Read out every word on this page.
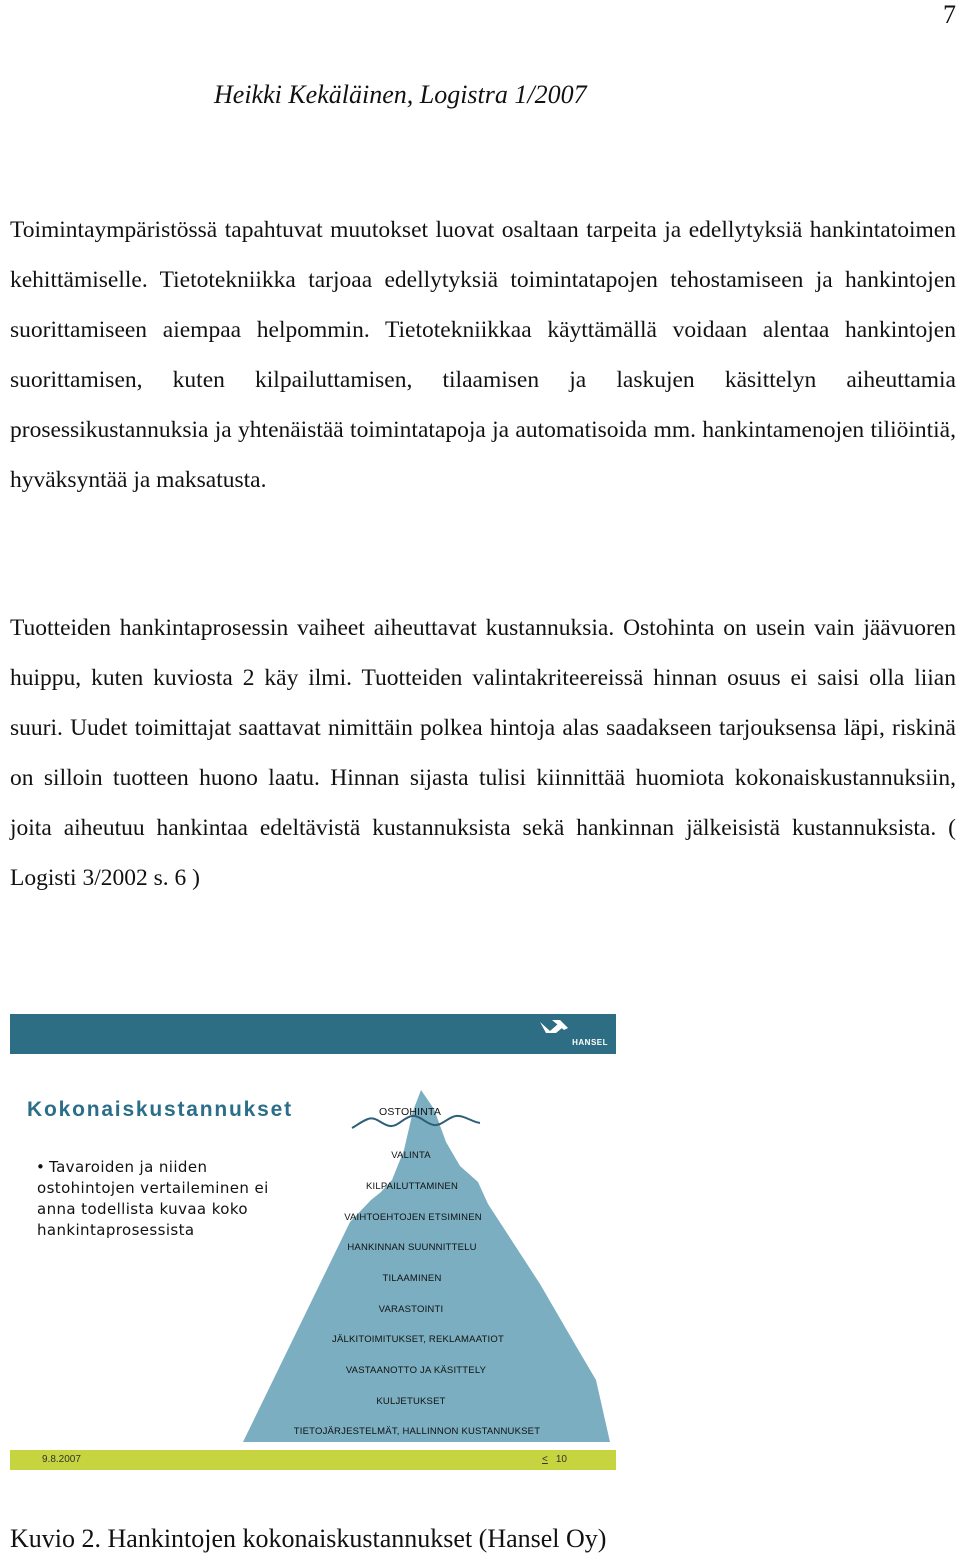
7
Heikki Kekäläinen, Logistra 1/2007

Toimintaympäristössä tapahtuvat muutokset luovat osaltaan tarpeita ja edellytyksiä hankintatoimen kehittämiselle. Tietotekniikka tarjoaa edellytyksiä toimintatapojen tehostamiseen ja hankintojen suorittamiseen aiempaa helpommin. Tietotekniikkaa käyttämällä voidaan alentaa hankintojen suorittamisen, kuten kilpailuttamisen, tilaamisen ja laskujen käsittelyn aiheuttamia prosessikustannuksia ja yhtenäistää toimintatapoja ja automatisoida mm. hankintamenojen tiliöintiä, hyväksyntää ja maksatusta.

Tuotteiden hankintaprosessin vaiheet aiheuttavat kustannuksia. Ostohinta on usein vain jäävuoren huippu, kuten kuviosta 2 käy ilmi. Tuotteiden valintakriteereissä hinnan osuus ei saisi olla liian suuri. Uudet toimittajat saattavat nimittäin polkea hintoja alas saadakseen tarjouksensa läpi, riskinä on silloin tuotteen huono laatu. Hinnan sijasta tulisi kiinnittää huomiota kokonaiskustannuksiin, joita aiheutuu hankintaa edeltävistä kustannuksista sekä hankinnan jälkeisistä kustannuksista. ( Logisti 3/2002 s. 6 )

HANSEL
Kokonaiskustannukset
• Tavaroiden ja niiden ostohintojen vertaileminen ei anna todellista kuvaa koko hankintaprosessista
OSTOHINTA
VALINTA
KILPAILUTTAMINEN
VAIHTOEHTOJEN ETSIMINEN
HANKINNAN SUUNNITTELU
TILAAMINEN
VARASTOINTI
JÄLKITOIMITUKSET, REKLAMAATIOT
VASTAANOTTO JA KÄSITTELY
KULJETUKSET
TIETOJÄRJESTELMÄT, HALLINNON KUSTANNUKSET
9.8.2007	< 10
Kuvio 2. Hankintojen kokonaiskustannukset (Hansel Oy)
